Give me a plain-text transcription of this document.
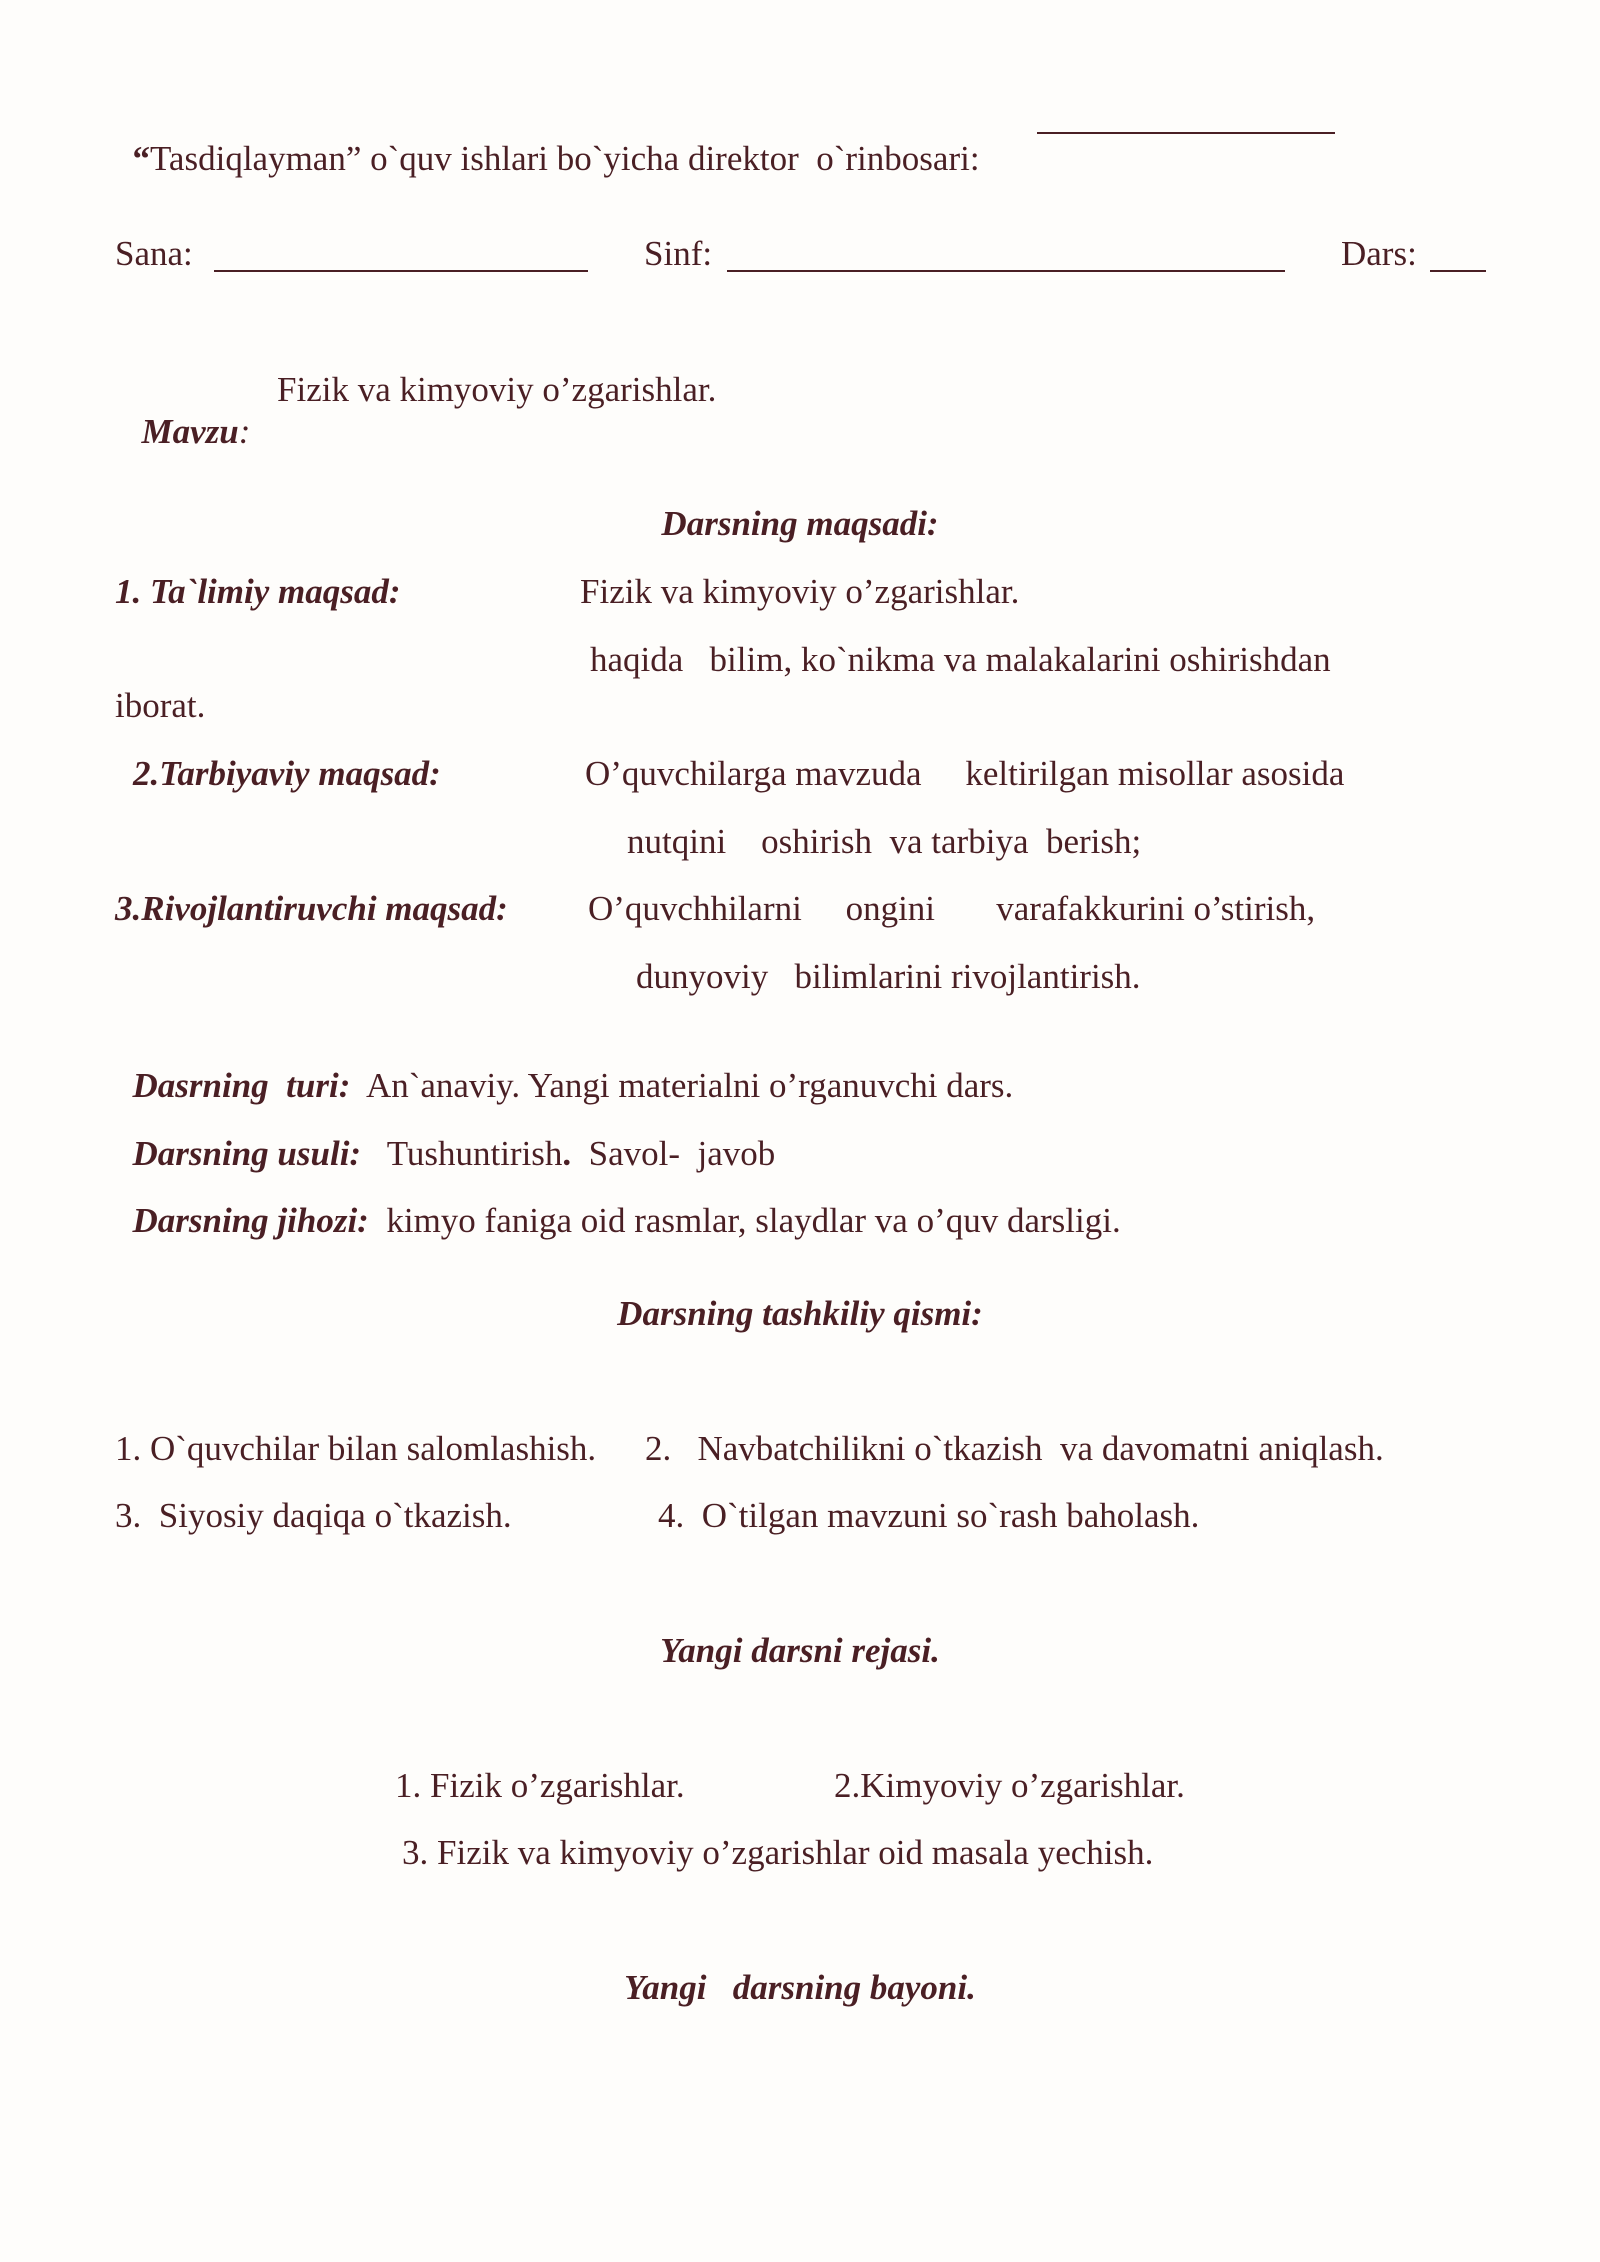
“Tasdiqlayman” o`quv ishlari bo`yicha direktor  o`rinbosari:

Sana:	Sinf:	Dars:

Mavzu:

Fizik va kimyoviy o’zgarishlar.
Darsning maqsadi:
1. Ta`limiy maqsad:	Fizik va kimyoviy o’zgarishlar.
haqida   bilim, ko`nikma va malakalarini oshirishdan
iborat.
2.Tarbiyaviy maqsad:	O’quvchilarga mavzuda     keltirilgan misollar asosida
nutqini    oshirish  va tarbiya  berish;
3.Rivojlantiruvchi maqsad: O’quvchhilarni     ongini       varafakkurini o’stirish,
dunyoviy   bilimlarini rivojlantirish.

Dasrning  turi: An`anaviy. Yangi materialni o’rganuvchi dars.

Darsning usuli: Tushuntirish. Savol-  javob

Darsning jihozi: kimyo faniga oid rasmlar, slaydlar va o’quv darsligi.

Darsning tashkiliy qismi:
1. O`quvchilar bilan salomlashish. 2.   Navbatchilikni o`tkazish  va davomatni aniqlash.
3.  Siyosiy daqiqa o`tkazish.	4.  O`tilgan mavzuni so`rash baholash.
Yangi darsni rejasi.
1. Fizik o’zgarishlar.	2.Kimyoviy o’zgarishlar.
3. Fizik va kimyoviy o’zgarishlar oid masala yechish.
Yangi   darsning bayoni.
